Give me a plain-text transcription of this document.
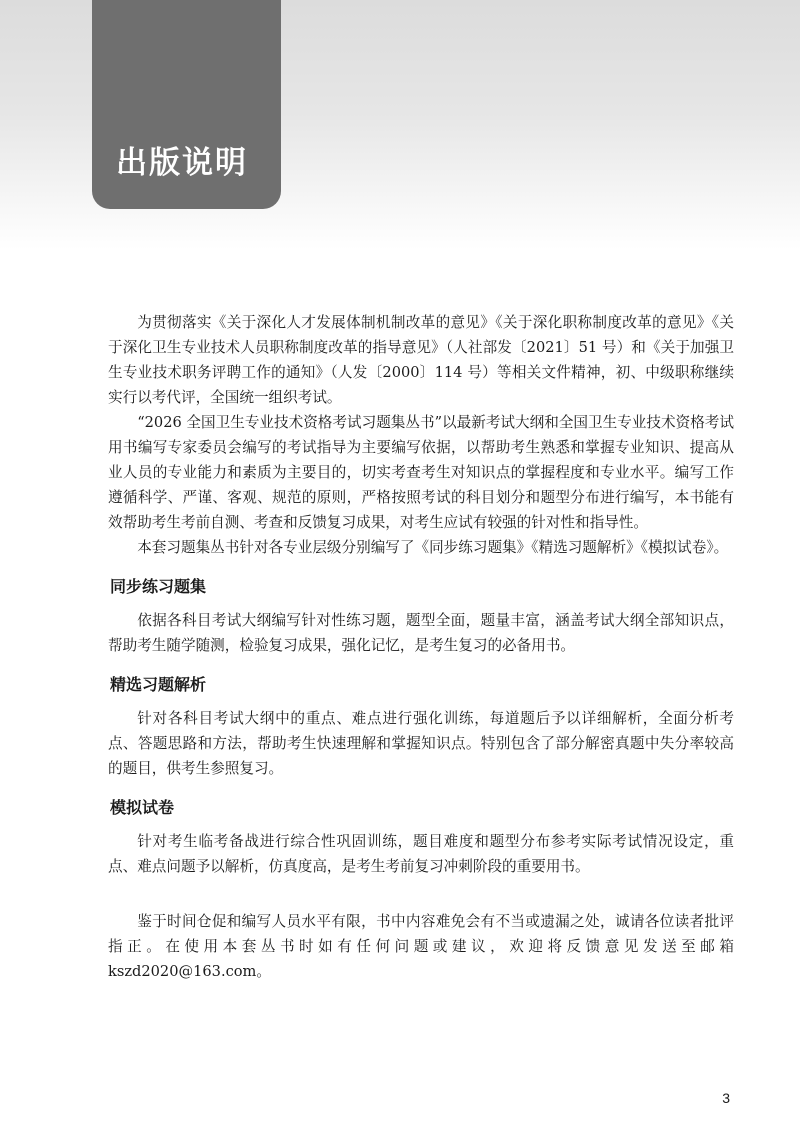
出版说明

为贯彻落实《关于深化人才发展体制机制改革的意见》《关于深化职称制度改革的意见》《关于深化卫生专业技术人员职称制度改革的指导意见》（人社部发〔2021〕51 号）和《关于加强卫生专业技术职务评聘工作的通知》（人发〔2000〕114 号）等相关文件精神，初、中级职称继续实行以考代评，全国统一组织考试。

“2026 全国卫生专业技术资格考试习题集丛书”以最新考试大纲和全国卫生专业技术资格考试用书编写专家委员会编写的考试指导为主要编写依据，以帮助考生熟悉和掌握专业知识、提高从业人员的专业能力和素质为主要目的，切实考查考生对知识点的掌握程度和专业水平。编写工作遵循科学、严谨、客观、规范的原则，严格按照考试的科目划分和题型分布进行编写，本书能有效帮助考生考前自测、考查和反馈复习成果，对考生应试有较强的针对性和指导性。

本套习题集丛书针对各专业层级分别编写了《同步练习题集》《精选习题解析》《模拟试卷》。

同步练习题集

依据各科目考试大纲编写针对性练习题，题型全面，题量丰富，涵盖考试大纲全部知识点，帮助考生随学随测，检验复习成果，强化记忆，是考生复习的必备用书。

精选习题解析

针对各科目考试大纲中的重点、难点进行强化训练，每道题后予以详细解析，全面分析考点、答题思路和方法，帮助考生快速理解和掌握知识点。特别包含了部分解密真题中失分率较高的题目，供考生参照复习。

模拟试卷

针对考生临考备战进行综合性巩固训练，题目难度和题型分布参考实际考试情况设定，重点、难点问题予以解析，仿真度高，是考生考前复习冲刺阶段的重要用书。

鉴于时间仓促和编写人员水平有限，书中内容难免会有不当或遗漏之处，诚请各位读者批评指正。在使用本套丛书时如有任何问题或建议，欢迎将反馈意见发送至邮箱 kszd2020@163.com。

3
